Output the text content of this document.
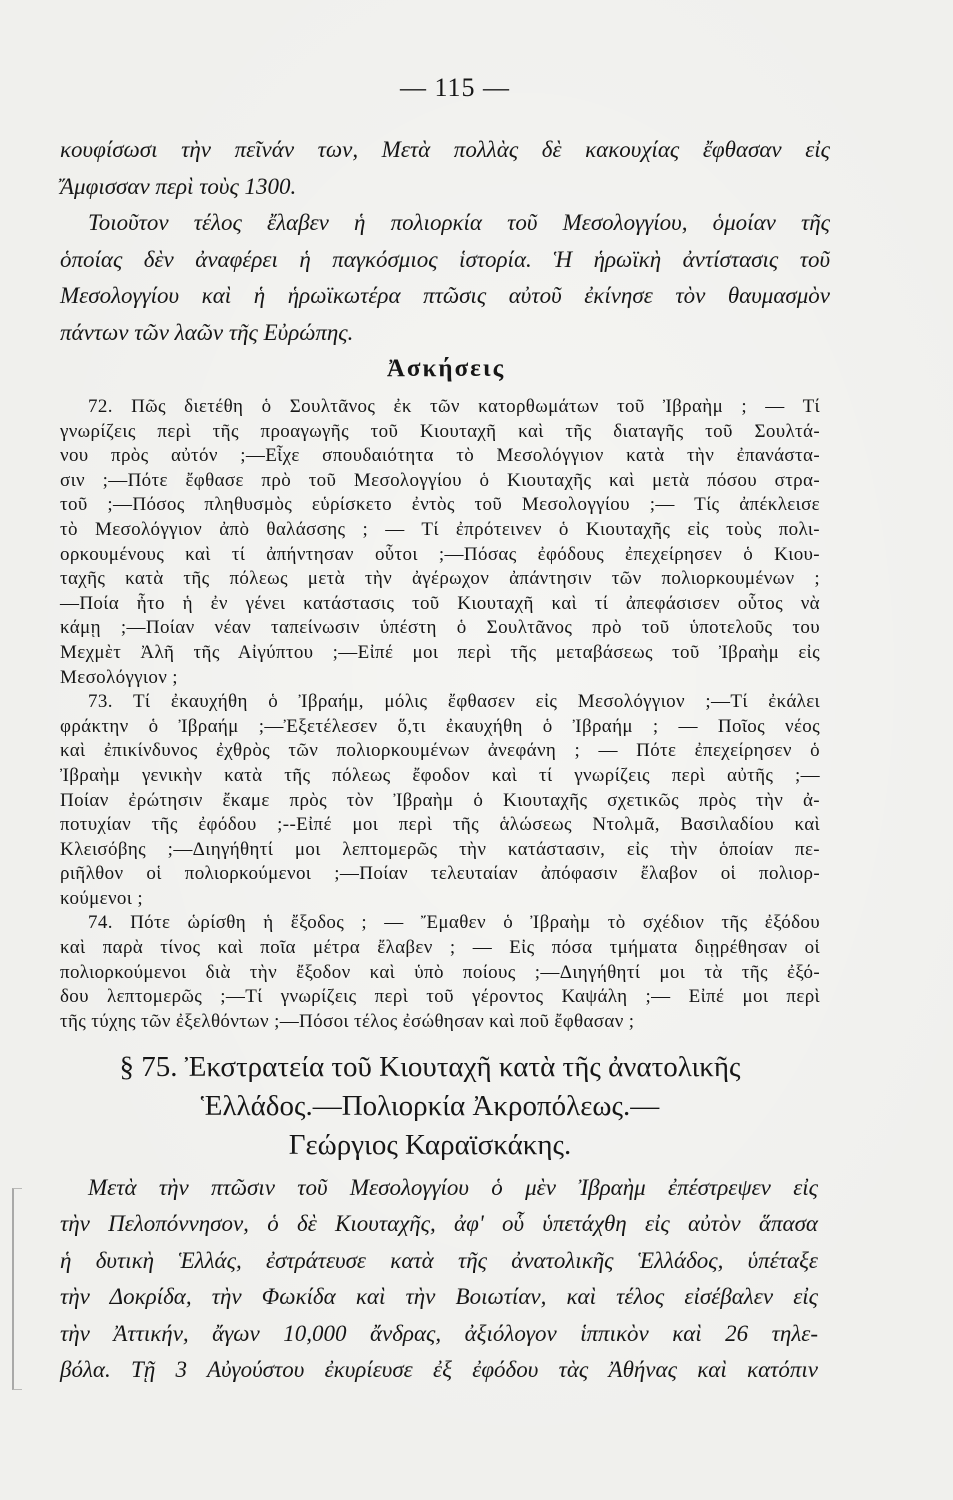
— 115 —
κουφίσωσι τὴν πεῖνάν των, Μετὰ πολλὰς δὲ κακουχίας ἔφθασαν εἰς
Ἄμφισσαν περὶ τοὺς 1300.
Τοιοῦτον τέλος ἔλαβεν ἡ πολιορκία τοῦ Μεσολογγίου, ὁμοίαν τῆς
ὁποίας δὲν ἀναφέρει ἡ παγκόσμιος ἱστορία. Ἡ ἡρωϊκὴ ἀντίστασις τοῦ
Μεσολογγίου καὶ ἡ ἡρωϊκωτέρα πτῶσις αὐτοῦ ἐκίνησε τὸν θαυμασμὸν
πάντων τῶν λαῶν τῆς Εὐρώπης.
Ἀσκήσεις
72. Πῶς διετέθη ὁ Σουλτᾶνος ἐκ τῶν κατορθωμάτων τοῦ Ἰβραὴμ ; — Τί
γνωρίζεις περὶ τῆς προαγωγῆς τοῦ Κιουταχῆ καὶ τῆς διαταγῆς τοῦ Σουλτά-
νου πρὸς αὐτόν ;—Εἶχε σπουδαιότητα τὸ Μεσολόγγιον κατὰ τὴν ἐπανάστα-
σιν ;—Πότε ἔφθασε πρὸ τοῦ Μεσολογγίου ὁ Κιουταχῆς καὶ μετὰ πόσου στρα-
τοῦ ;—Πόσος πληθυσμὸς εὑρίσκετο ἐντὸς τοῦ Μεσολογγίου ;— Τίς ἀπέκλεισε
τὸ Μεσολόγγιον ἀπὸ θαλάσσης ; — Τί ἐπρότεινεν ὁ Κιουταχῆς εἰς τοὺς πολι-
ορκουμένους καὶ τί ἀπήντησαν οὗτοι ;—Πόσας ἐφόδους ἐπεχείρησεν ὁ Κιου-
ταχῆς κατὰ τῆς πόλεως μετὰ τὴν ἀγέρωχον ἀπάντησιν τῶν πολιορκουμένων ;
—Ποία ἦτο ἡ ἐν γένει κατάστασις τοῦ Κιουταχῆ καὶ τί ἀπεφάσισεν οὗτος νὰ
κάμῃ ;—Ποίαν νέαν ταπείνωσιν ὑπέστη ὁ Σουλτᾶνος πρὸ τοῦ ὑποτελοῦς του
Μεχμὲτ Ἀλῆ τῆς Αἰγύπτου ;—Εἰπέ μοι περὶ τῆς μεταβάσεως τοῦ Ἰβραὴμ εἰς
Μεσολόγγιον ;
73. Τί ἐκαυχήθη ὁ Ἰβραήμ, μόλις ἔφθασεν εἰς Μεσολόγγιον ;—Τί ἐκάλει
φράκτην ὁ Ἰβραήμ ;—Ἐξετέλεσεν ὅ,τι ἐκαυχήθη ὁ Ἰβραήμ ; — Ποῖος νέος
καὶ ἐπικίνδυνος ἐχθρὸς τῶν πολιορκουμένων ἀνεφάνη ; — Πότε ἐπεχείρησεν ὁ
Ἰβραὴμ γενικὴν κατὰ τῆς πόλεως ἔφοδον καὶ τί γνωρίζεις περὶ αὐτῆς ;—
Ποίαν ἐρώτησιν ἔκαμε πρὸς τὸν Ἰβραὴμ ὁ Κιουταχῆς σχετικῶς πρὸς τὴν ἀ-
ποτυχίαν τῆς ἐφόδου ;--Εἰπέ μοι περὶ τῆς ἁλώσεως Ντολμᾶ, Βασιλαδίου καὶ
Κλεισόβης ;—Διηγήθητί μοι λεπτομερῶς τὴν κατάστασιν, εἰς τὴν ὁποίαν πε-
ριῆλθον οἱ πολιορκούμενοι ;—Ποίαν τελευταίαν ἀπόφασιν ἔλαβον οἱ πολιορ-
κούμενοι ;
74. Πότε ὡρίσθη ἡ ἔξοδος ; — Ἔμαθεν ὁ Ἰβραὴμ τὸ σχέδιον τῆς ἐξόδου
καὶ παρὰ τίνος καὶ ποῖα μέτρα ἔλαβεν ; — Εἰς πόσα τμήματα διῃρέθησαν οἱ
πολιορκούμενοι διὰ τὴν ἔξοδον καὶ ὑπὸ ποίους ;—Διηγήθητί μοι τὰ τῆς ἐξό-
δου λεπτομερῶς ;—Τί γνωρίζεις περὶ τοῦ γέροντος Καψάλη ;— Εἰπέ μοι περὶ
τῆς τύχης τῶν ἐξελθόντων ;—Πόσοι τέλος ἐσώθησαν καὶ ποῦ ἔφθασαν ;
§ 75. Ἐκστρατεία τοῦ Κιουταχῆ κατὰ τῆς ἀνατολικῆς
Ἑλλάδος.—Πολιορκία Ἀκροπόλεως.—
Γεώργιος Καραϊσκάκης.
Μετὰ τὴν πτῶσιν τοῦ Μεσολογγίου ὁ μὲν Ἰβραὴμ ἐπέστρεψεν εἰς
τὴν Πελοπόννησον, ὁ δὲ Κιουταχῆς, ἀφ' οὗ ὑπετάχθη εἰς αὐτὸν ἅπασα
ἡ δυτικὴ Ἑλλάς, ἐστράτευσε κατὰ τῆς ἀνατολικῆς Ἑλλάδος, ὑπέταξε
τὴν Δοκρίδα, τὴν Φωκίδα καὶ τὴν Βοιωτίαν, καὶ τέλος εἰσέβαλεν εἰς
τὴν Ἀττικήν, ἄγων 10,000 ἄνδρας, ἀξιόλογον ἱππικὸν καὶ 26 τηλε-
βόλα. Τῇ 3 Αὐγούστου ἐκυρίευσε ἐξ ἐφόδου τὰς Ἀθήνας καὶ κατόπιν
